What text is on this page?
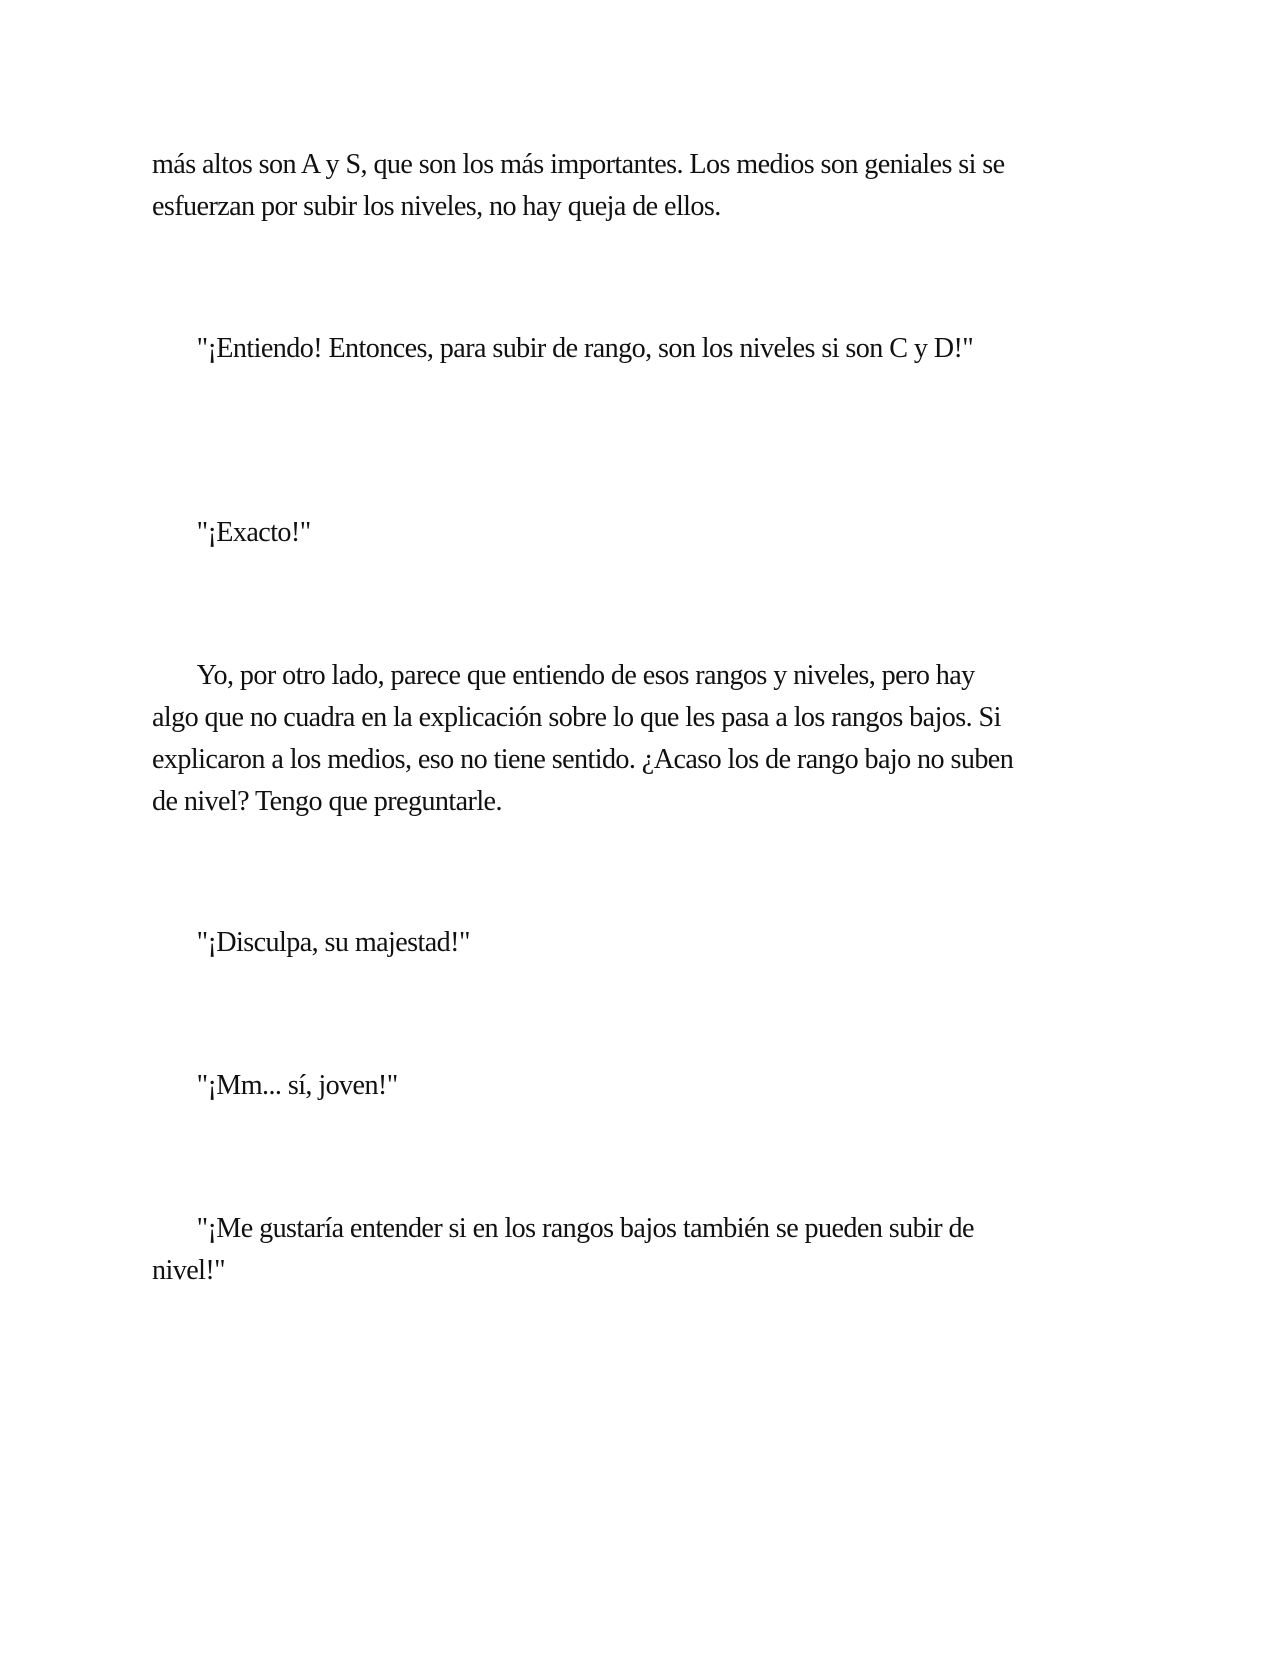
más altos son A y S, que son los más importantes. Los medios son geniales si se esfuerzan por subir los niveles, no hay queja de ellos.

"¡Entiendo! Entonces, para subir de rango, son los niveles si son C y D!"

"¡Exacto!"

Yo, por otro lado, parece que entiendo de esos rangos y niveles, pero hay algo que no cuadra en la explicación sobre lo que les pasa a los rangos bajos. Si explicaron a los medios, eso no tiene sentido. ¿Acaso los de rango bajo no suben de nivel? Tengo que preguntarle.

"¡Disculpa, su majestad!"

"¡Mm... sí, joven!"

"¡Me gustaría entender si en los rangos bajos también se pueden subir de nivel!"
